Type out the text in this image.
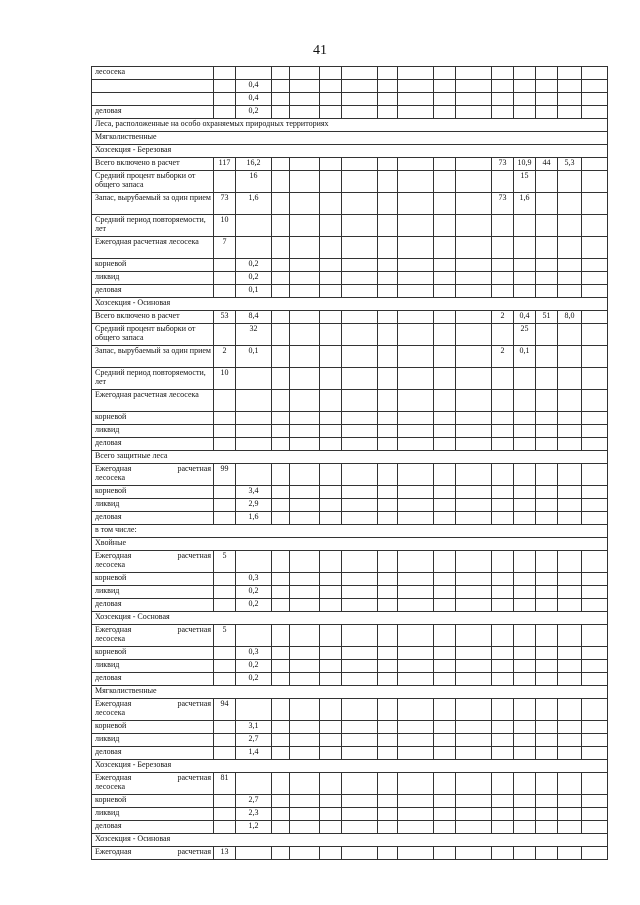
41
лесосека															
		0,4													
		0,4													
деловая		0,2													
Леса, расположенные на особо охраняемых природных территориях															
Мягколиственные															
Хозсекция - Березовая															
Всего включено в расчет	117	16,2									73	10,9	44	5,3	
Средний процент выборки от общего запаса		16										15			
Запас, вырубаемый за один прием	73	1,6									73	1,6			
Средний период повторяемости, лет	10														
Ежегодная расчетная лесосека	7														
корневой		0,2													
ликвид		0,2													
деловая		0,1													
Хозсекция - Осиновая															
Всего включено в расчет	53	8,4									2	0,4	51	8,0	
Средний процент выборки от общего запаса		32										25			
Запас, вырубаемый за один прием	2	0,1									2	0,1			
Средний период повторяемости, лет	10														
Ежегодная расчетная лесосека															
корневой															
ликвид															
деловая															
Всего защитные леса															

Ежегодная расчетная
лесосека	99														
корневой		3,4													
ликвид		2,9													
деловая		1,6													
в том числе:															
Хвойные															

Ежегодная расчетная
лесосека	5														
корневой		0,3													
ликвид		0,2													
деловая		0,2													
Хозсекция - Сосновая															

Ежегодная расчетная
лесосека	5														
корневой		0,3													
ликвид		0,2													
деловая		0,2													
Мягколиственные															

Ежегодная расчетная
лесосека	94														
корневой		3,1													
ликвид		2,7													
деловая		1,4													
Хозсекция - Березовая															

Ежегодная расчетная
лесосека	81														
корневой		2,7													
ликвид		2,3													
деловая		1,2													
Хозсекция - Осиновая															

Ежегодная расчетная	13														
